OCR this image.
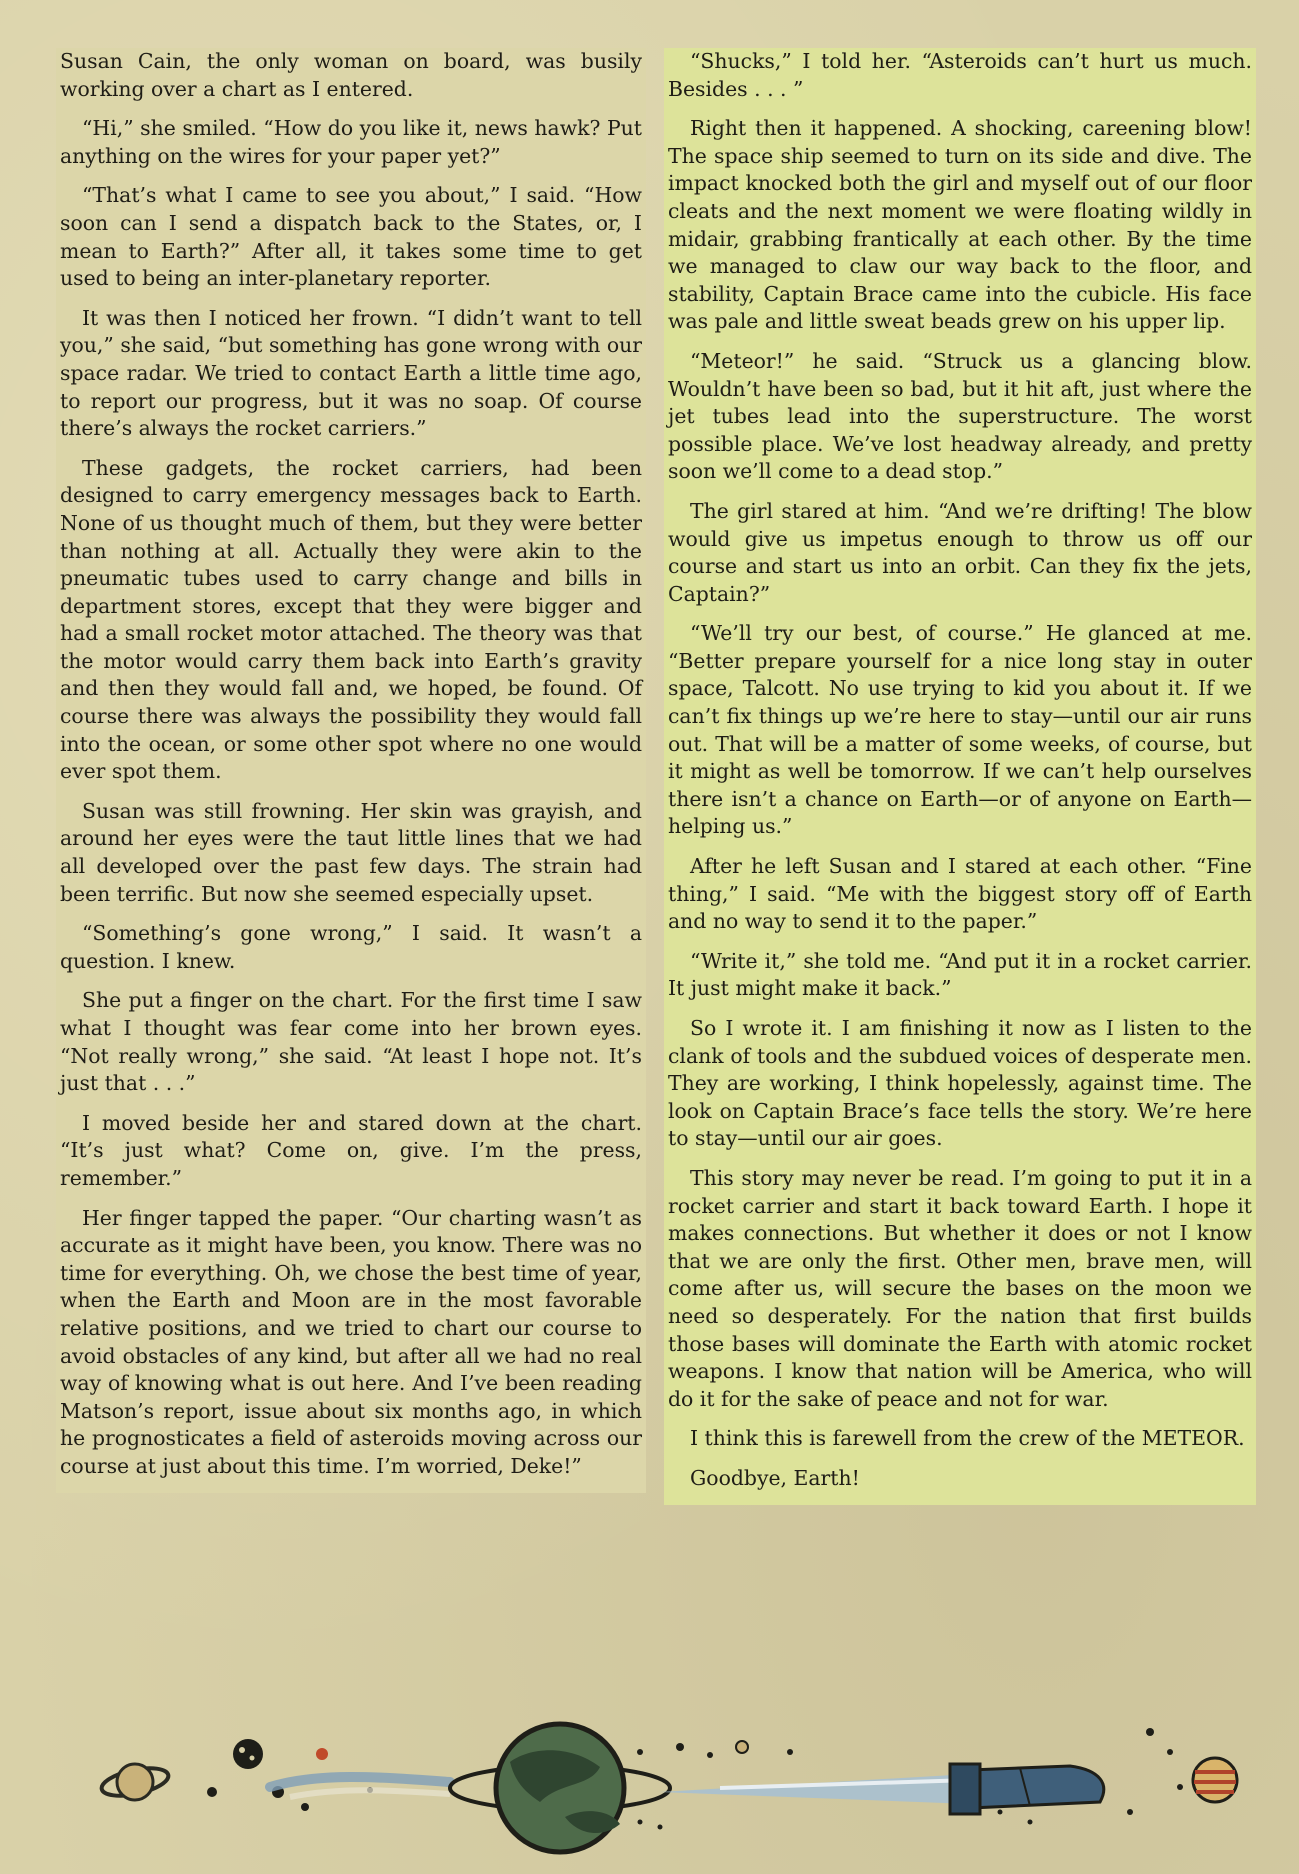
Susan Cain, the only woman on board, was busily working over a chart as I entered.

“Hi,” she smiled. “How do you like it, news hawk? Put anything on the wires for your paper yet?”

“That’s what I came to see you about,” I said. “How soon can I send a dispatch back to the States, or, I mean to Earth?” After all, it takes some time to get used to being an inter-planetary reporter.

It was then I noticed her frown. “I didn’t want to tell you,” she said, “but something has gone wrong with our space radar. We tried to contact Earth a little time ago, to report our progress, but it was no soap. Of course there’s always the rocket carriers.”

These gadgets, the rocket carriers, had been designed to carry emergency messages back to Earth. None of us thought much of them, but they were better than nothing at all. Actually they were akin to the pneumatic tubes used to carry change and bills in department stores, except that they were bigger and had a small rocket motor attached. The theory was that the motor would carry them back into Earth’s gravity and then they would fall and, we hoped, be found. Of course there was always the possibility they would fall into the ocean, or some other spot where no one would ever spot them.

Susan was still frowning. Her skin was grayish, and around her eyes were the taut little lines that we had all developed over the past few days. The strain had been terrific. But now she seemed especially upset.

“Something’s gone wrong,” I said. It wasn’t a question. I knew.

She put a finger on the chart. For the first time I saw what I thought was fear come into her brown eyes. “Not really wrong,” she said. “At least I hope not. It’s just that . . .”

I moved beside her and stared down at the chart. “It’s just what? Come on, give. I’m the press, remember.”

Her finger tapped the paper. “Our charting wasn’t as accurate as it might have been, you know. There was no time for everything. Oh, we chose the best time of year, when the Earth and Moon are in the most favorable relative positions, and we tried to chart our course to avoid obstacles of any kind, but after all we had no real way of knowing what is out here. And I’ve been reading Matson’s report, issue about six months ago, in which he prognosticates a field of asteroids moving across our course at just about this time. I’m worried, Deke!”

“Shucks,” I told her. “Asteroids can’t hurt us much. Besides . . . ”

Right then it happened. A shocking, careening blow! The space ship seemed to turn on its side and dive. The impact knocked both the girl and myself out of our floor cleats and the next moment we were floating wildly in midair, grabbing frantically at each other. By the time we managed to claw our way back to the floor, and stability, Captain Brace came into the cubicle. His face was pale and little sweat beads grew on his upper lip.

“Meteor!” he said. “Struck us a glancing blow. Wouldn’t have been so bad, but it hit aft, just where the jet tubes lead into the superstructure. The worst possible place. We’ve lost headway already, and pretty soon we’ll come to a dead stop.”

The girl stared at him. “And we’re drifting! The blow would give us impetus enough to throw us off our course and start us into an orbit. Can they fix the jets, Captain?”

“We’ll try our best, of course.” He glanced at me. “Better prepare yourself for a nice long stay in outer space, Talcott. No use trying to kid you about it. If we can’t fix things up we’re here to stay—until our air runs out. That will be a matter of some weeks, of course, but it might as well be tomorrow. If we can’t help ourselves there isn’t a chance on Earth—or of anyone on Earth—helping us.”

After he left Susan and I stared at each other. “Fine thing,” I said. “Me with the biggest story off of Earth and no way to send it to the paper.”

“Write it,” she told me. “And put it in a rocket carrier. It just might make it back.”

So I wrote it. I am finishing it now as I listen to the clank of tools and the subdued voices of desperate men. They are working, I think hopelessly, against time. The look on Captain Brace’s face tells the story. We’re here to stay—until our air goes.

This story may never be read. I’m going to put it in a rocket carrier and start it back toward Earth. I hope it makes connections. But whether it does or not I know that we are only the first. Other men, brave men, will come after us, will secure the bases on the moon we need so desperately. For the nation that first builds those bases will dominate the Earth with atomic rocket weapons. I know that nation will be America, who will do it for the sake of peace and not for war.

I think this is farewell from the crew of the METEOR.

Goodbye, Earth!
